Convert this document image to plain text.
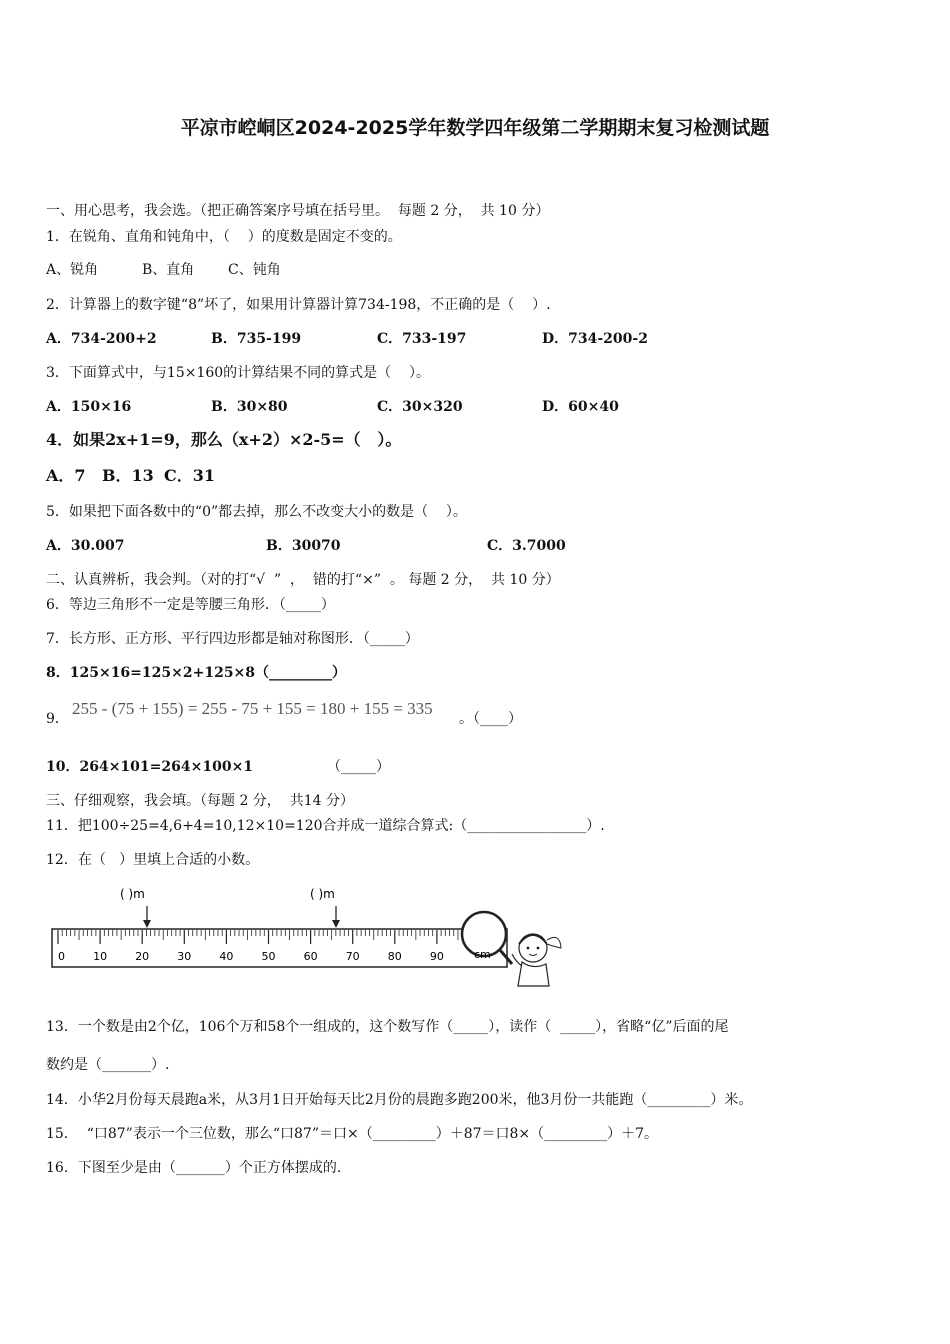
平凉市崆峒区2024-2025学年数学四年级第二学期期末复习检测试题
一、用心思考，我会选。（把正确答案序号填在括号里。  每题 2 分，  共 10 分）
1．在锐角、直角和钝角中，（    ）的度数是固定不变的。
A、锐角	B、直角 C、钝角
2．计算器上的数字键“8”坏了，如果用计算器计算734-198，不正确的是（    ）.
A．734-200+2	B．735-199	C．733-197	D．734-200-2
3．下面算式中，与15×160的计算结果不同的算式是（    ）。
A．150×16	B．30×80	C．30×320	D．60×40
4．如果2x+1=9，那么（x+2）×2-5=（   ）。
A．7 B．13 C．31
5．如果把下面各数中的“0”都去掉，那么不改变大小的数是（    ）。
A．30.007	B．30070	C．3.7000
二、认真辨析，我会判。（对的打“√  ”  ，  错的打“×”  。 每题 2 分，  共 10 分）
6．等边三角形不一定是等腰三角形．（_____）
7．长方形、正方形、平行四边形都是轴对称图形．（_____）
8．125×16=125×2+125×8（_________）
9．
255 - (75 + 155) = 255 - 75 + 155 = 180 + 155 = 335
。（____）
10．264×101=264×100×1	（_____）
三、仔细观察，我会填。（每题 2 分，  共14 分）
11．把100÷25=4,6+4=10,12×10=120合并成一道综合算式:（_________________）.
12．在（   ）里填上合适的小数。
( )m	( )m
0	10	20	30	40	50	60	70	80	90	cm
13．一个数是由2个亿，106个万和58个一组成的，这个数写作（_____），读作（  _____），省略“亿”后面的尾
数约是（_______）.
14．小华2月份每天晨跑a米，从3月1日开始每天比2月份的晨跑多跑200米，他3月份一共能跑（_________）米。
15．  “口87”表示一个三位数，那么“口87”＝口×（_________）＋87＝口8×（_________）＋7。
16．下图至少是由（_______）个正方体摆成的.
